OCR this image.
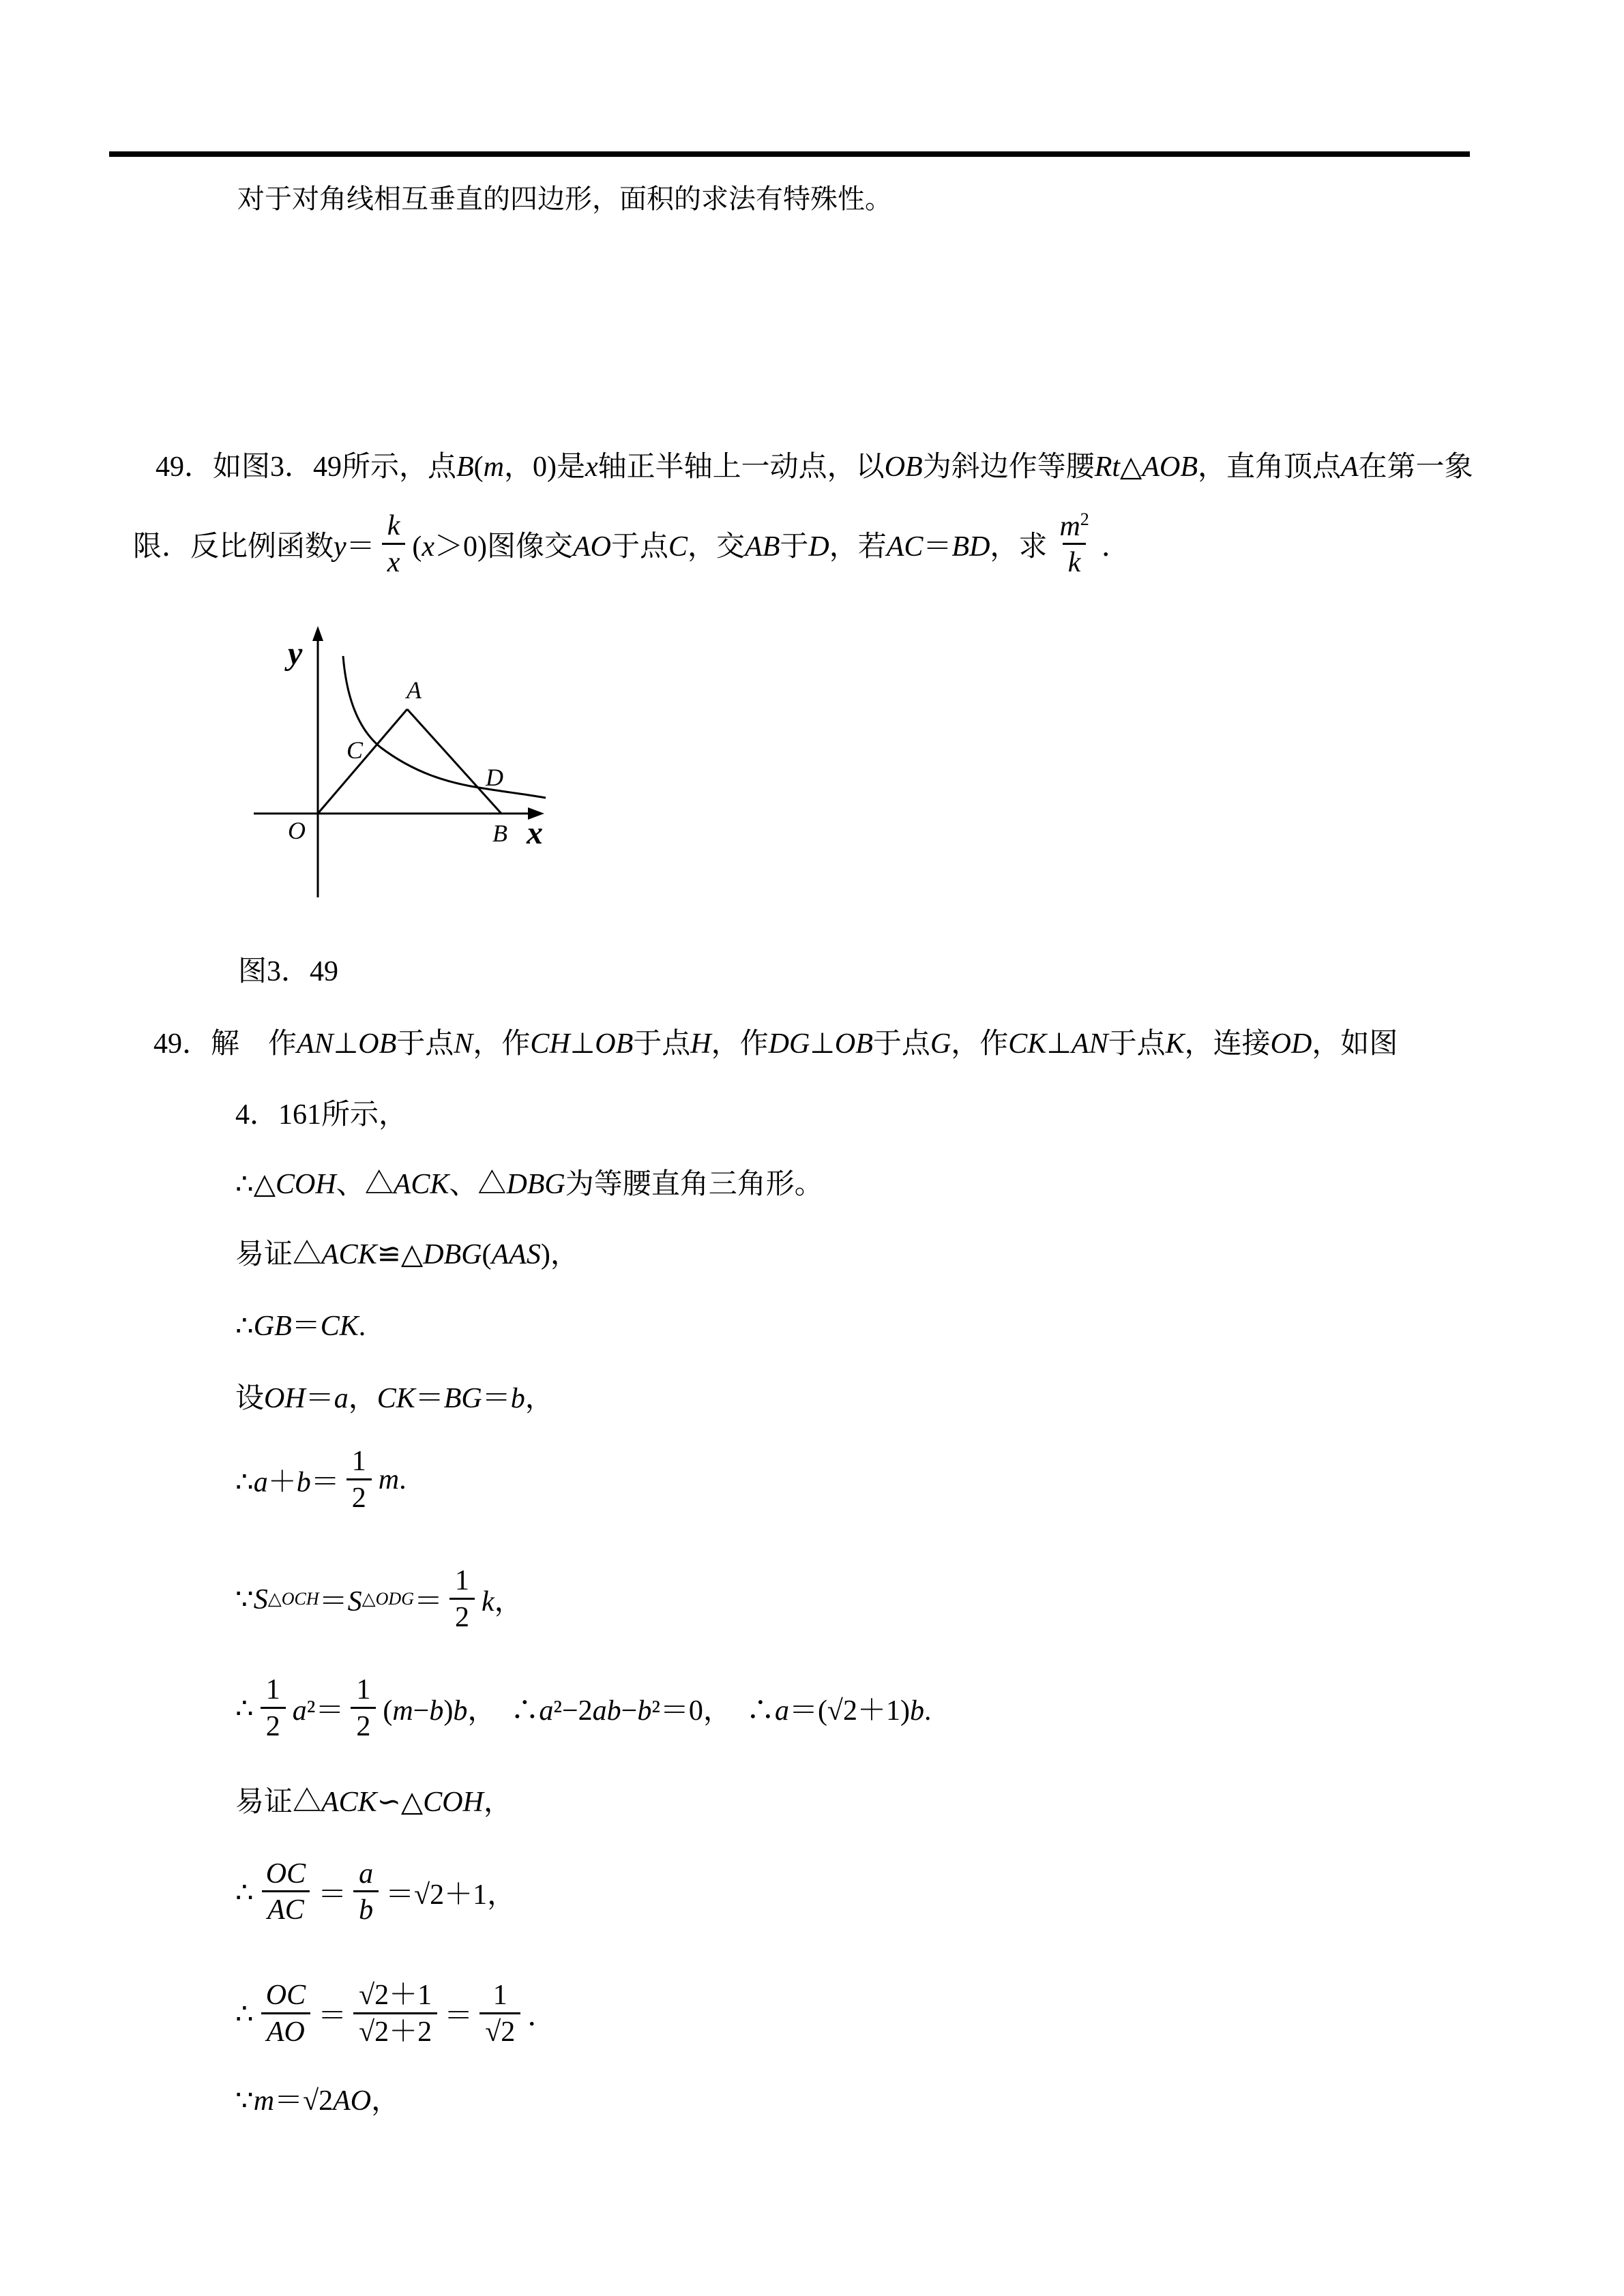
对于对角线相互垂直的四边形，面积的求法有特殊性。
49．如图3．49所示，点B(m，0)是x轴正半轴上一动点，以OB为斜边作等腰Rt△AOB，直角顶点A在第一象
限．反比例函数$y= \frac{k}{x} (x>0)$图像交AO于点C，交AB于D，若AC＝BD，求 $\frac{m^2}{k}$ ．
y
x
O
A
C
D
B
图3．49
49．解　作AN⊥OB于点N，作CH⊥OB于点H，作DG⊥OB于点G，作CK⊥AN于点K，连接OD，如图
4．161所示，
∴△COH、△ACK、△DBG为等腰直角三角形。
易证△ACK≌△DBG(AAS)，
∴GB＝CK.
设OH＝a，CK＝BG＝b，
∴a＋b＝ $\frac{1}{2} m$.
∵S △OCH ＝S △ODG ＝ $\frac{1}{2}$ k，
∴ $\frac{1}{2} a^2= \frac{1}{2} (m-b)b$，　∴a²−2ab−b²＝0，　∴a＝(√2＋1)b.
易证△ACK∽△COH，
∴ $\frac{OC}{AC} = \frac{a}{b} = √2+1$，
∴ $\frac{OC}{AO} = \frac{√2+1}{√2+2} = \frac{1}{√2}$ ．
∵m＝√2AO，
